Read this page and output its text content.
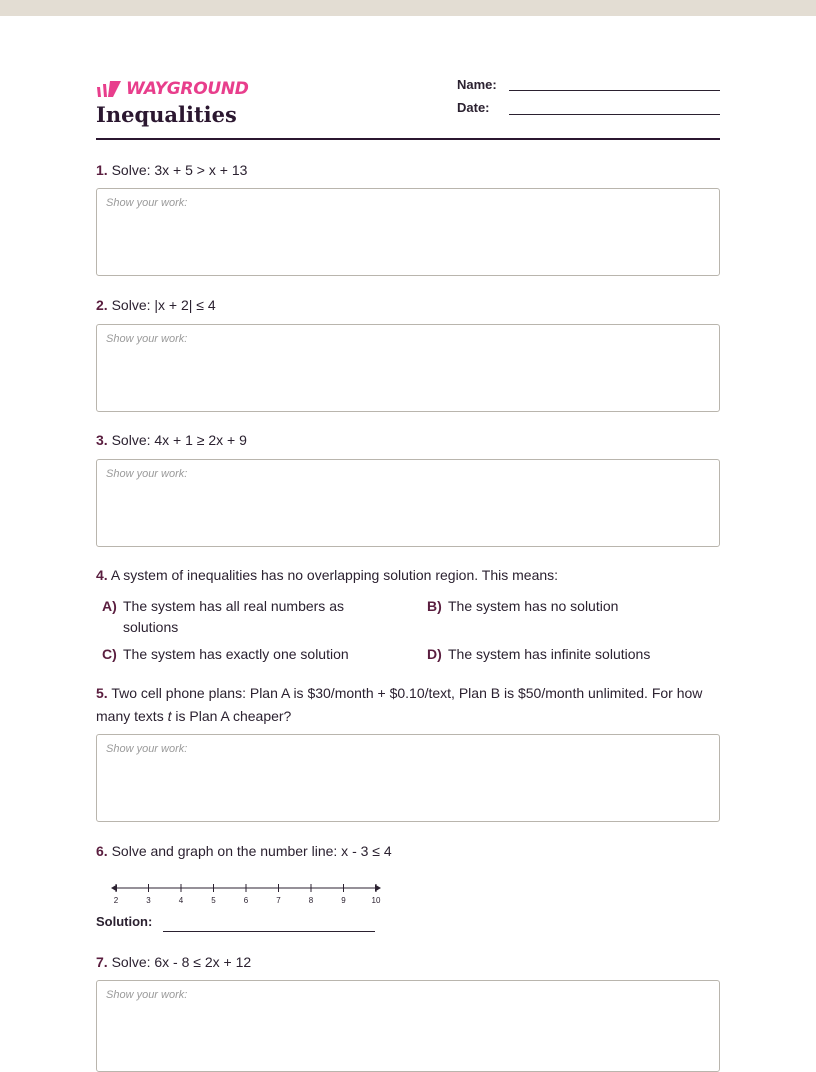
WAYGROUND
Inequalities
Name:
Date:
1. Solve: 3x + 5 > x + 13
Show your work:
2. Solve: |x + 2| ≤ 4
Show your work:
3. Solve: 4x + 1 ≥ 2x + 9
Show your work:
4. A system of inequalities has no overlapping solution region. This means:
A) The system has all real numbers as solutions
B) The system has no solution
C) The system has exactly one solution	D) The system has infinite solutions
5. Two cell phone plans: Plan A is $30/month + $0.10/text, Plan B is $50/month unlimited. For how many texts t is Plan A cheaper?
Show your work:
6. Solve and graph on the number line: x - 3 ≤ 4
2	3	4	5	6	7	8	9	10
Solution:
7. Solve: 6x - 8 ≤ 2x + 12
Show your work:
